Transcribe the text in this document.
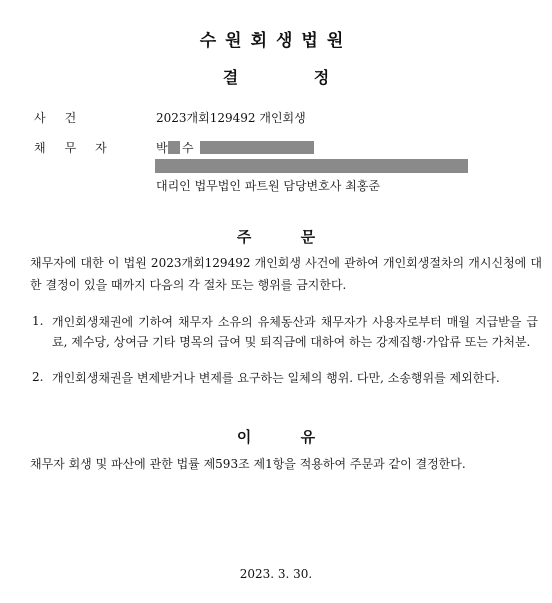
수원회생법원
결 정
사건	2023개회129492 개인회생
채무자	박 수
대리인 법무법인 파트원 담당변호사 최홍준
주 문
채무자에 대한 이 법원 2023개회129492 개인회생 사건에 관하여 개인회생절차의 개시신청에 대한 결정이 있을 때까지 다음의 각 절차 또는 행위를 금지한다.
1. 개인회생채권에 기하여 채무자 소유의 유체동산과 채무자가 사용자로부터 매월 지급받을 급료, 제수당, 상여금 기타 명목의 급여 및 퇴직금에 대하여 하는 강제집행·가압류 또는 가처분.
2. 개인회생채권을 변제받거나 변제를 요구하는 일체의 행위. 다만, 소송행위를 제외한다.
이 유
채무자 회생 및 파산에 관한 법률 제593조 제1항을 적용하여 주문과 같이 결정한다.
2023. 3. 30.
